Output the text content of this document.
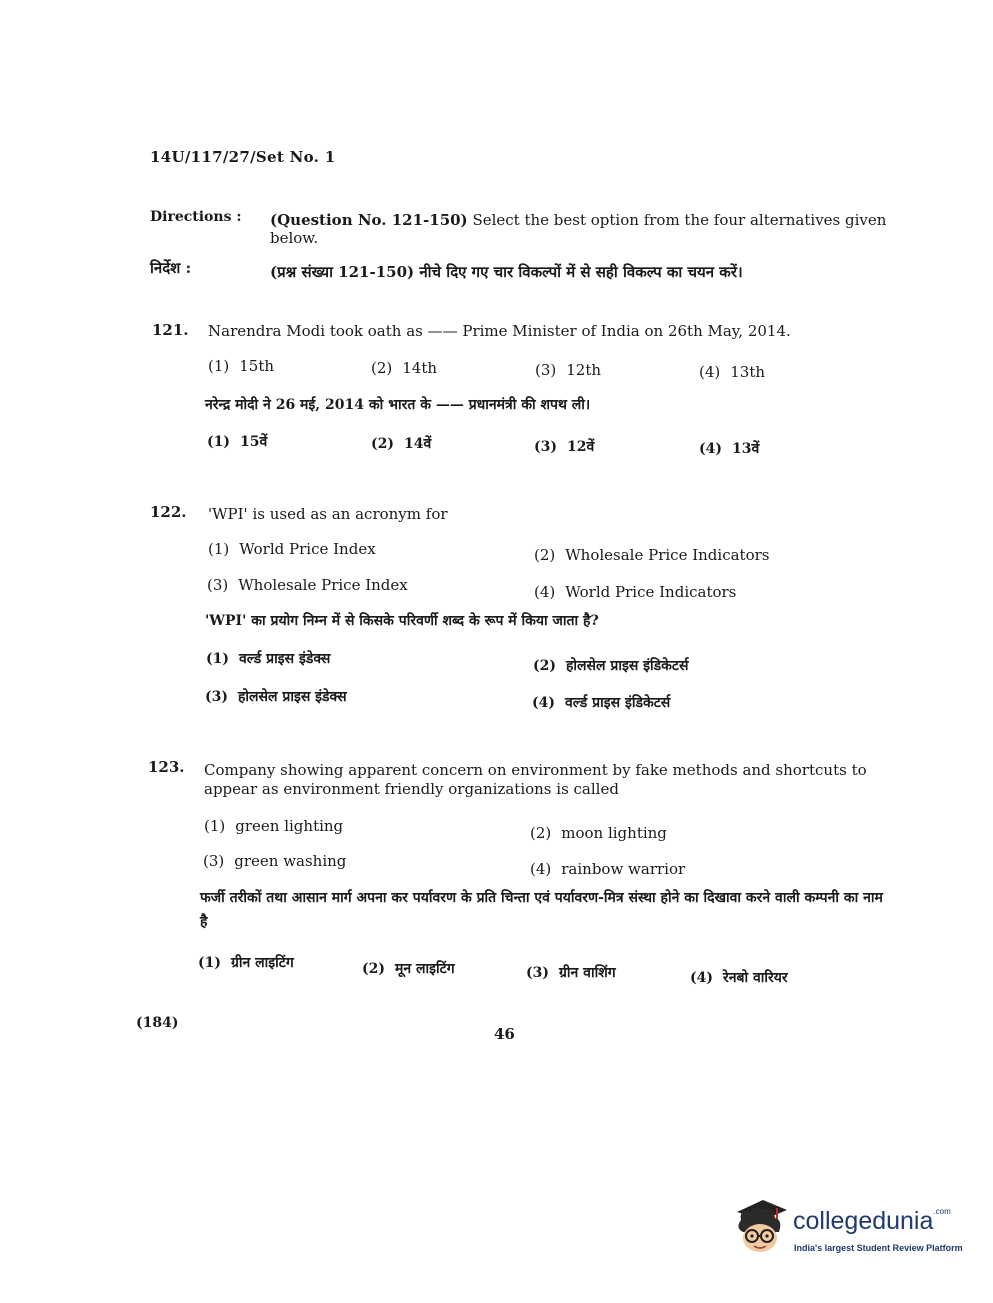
14U/117/27/Set No. 1
Directions : (Question No. 121-150) Select the best option from the four alternatives given below.
निर्देश :	(प्रश्न संख्या 121-150) नीचे दिए गए चार विकल्पों में से सही विकल्प का चयन करें।
121. Narendra Modi took oath as —— Prime Minister of India on 26th May, 2014.
(1) 15th	(2) 14th	(3) 12th	(4) 13th
नरेन्द्र मोदी ने 26 मई, 2014 को भारत के —— प्रधानमंत्री की शपथ ली।
(1) 15वें	(2) 14वें	(3) 12वें	(4) 13वें
122. 'WPI' is used as an acronym for
(1) World Price Index	(2) Wholesale Price Indicators
(3) Wholesale Price Index	(4) World Price Indicators
'WPI' का प्रयोग निम्न में से किसके परिवर्णी शब्द के रूप में किया जाता है?
(1) वर्ल्ड प्राइस इंडेक्स	(2) होलसेल प्राइस इंडिकेटर्स
(3) होलसेल प्राइस इंडेक्स	(4) वर्ल्ड प्राइस इंडिकेटर्स
123. Company showing apparent concern on environment by fake methods and shortcuts to appear as environment friendly organizations is called
(1) green lighting	(2) moon lighting
(3) green washing	(4) rainbow warrior
फर्जी तरीकों तथा आसान मार्ग अपना कर पर्यावरण के प्रति चिन्ता एवं पर्यावरण-मित्र संस्था होने का दिखावा करने वाली कम्पनी का नाम है
(1) ग्रीन लाइटिंग	(2) मून लाइटिंग	(3) ग्रीन वाशिंग	(4) रेनबो वारियर
(184)
46
collegedunia$^{.com}$
India's largest Student Review Platform
